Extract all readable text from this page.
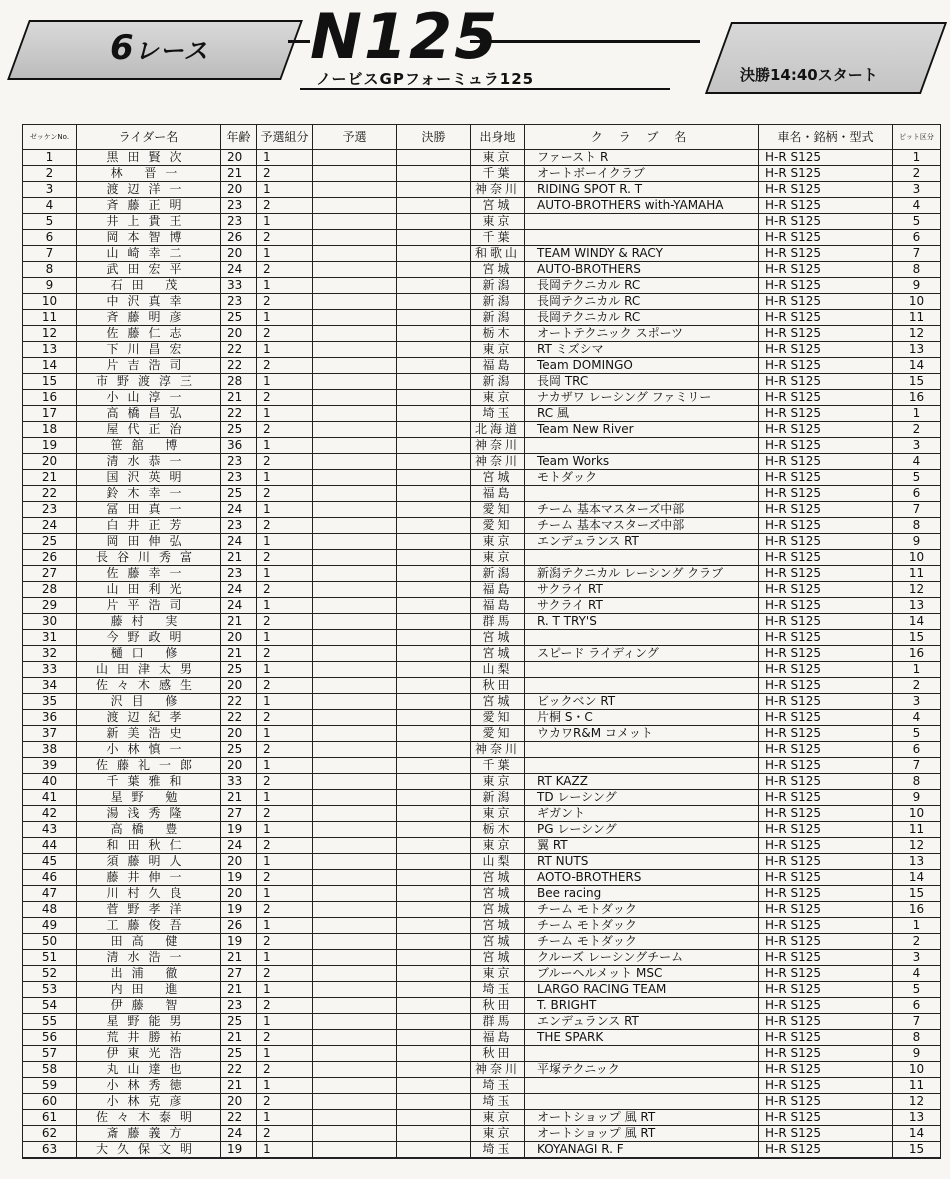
6レース N125
ノービスGPフォーミュラ125	決勝14:40スタート
ゼッケンNo.	ライダー名	年齢	予選組分	予選	決勝	出身地	ク ラ ブ 名	車名・銘柄・型式	ピット区分
1	黒田賢次	20	1			東京	ファースト R	H-R S125	1
2	林 晋一	21	2			千葉	オートボーイクラブ	H-R S125	2
3	渡辺洋一	20	1			神奈川	RIDING SPOT R. T	H-R S125	3
4	斉藤正明	23	2			宮城	AUTO-BROTHERS with-YAMAHA	H-R S125	4
5	井上貴王	23	1			東京		H-R S125	5
6	岡本智博	26	2			千葉		H-R S125	6
7	山崎幸二	20	1			和歌山	TEAM WINDY & RACY	H-R S125	7
8	武田宏平	24	2			宮城	AUTO-BROTHERS	H-R S125	8
9	石田 茂	33	1			新潟	長岡テクニカル RC	H-R S125	9
10	中沢真幸	23	2			新潟	長岡テクニカル RC	H-R S125	10
11	斉藤明彦	25	1			新潟	長岡テクニカル RC	H-R S125	11
12	佐藤仁志	20	2			栃木	オートテクニック スポーツ	H-R S125	12
13	下川昌宏	22	1			東京	RT ミズシマ	H-R S125	13
14	片吉浩司	22	2			福島	Team DOMINGO	H-R S125	14
15	市野渡淳三	28	1			新潟	長岡 TRC	H-R S125	15
16	小山淳一	21	2			東京	ナカザワ レーシング ファミリー	H-R S125	16
17	高橋昌弘	22	1			埼玉	RC 風	H-R S125	1
18	屋代正治	25	2			北海道	Team New River	H-R S125	2
19	笹舘 博	36	1			神奈川		H-R S125	3
20	清水恭一	23	2			神奈川	Team Works	H-R S125	4
21	国沢英明	23	1			宮城	モトダック	H-R S125	5
22	鈴木幸一	25	2			福島		H-R S125	6
23	冨田真一	24	1			愛知	チーム 基本マスターズ中部	H-R S125	7
24	白井正芳	23	2			愛知	チーム 基本マスターズ中部	H-R S125	8
25	岡田伸弘	24	1			東京	エンデュランス RT	H-R S125	9
26	長谷川秀富	21	2			東京		H-R S125	10
27	佐藤幸一	23	1			新潟	新潟テクニカル レーシング クラブ	H-R S125	11
28	山田利光	24	2			福島	サクライ RT	H-R S125	12
29	片平浩司	24	1			福島	サクライ RT	H-R S125	13
30	藤村 実	21	2			群馬	R. T TRY'S	H-R S125	14
31	今野政明	20	1			宮城		H-R S125	15
32	樋口 修	21	2			宮城	スピード ライディング	H-R S125	16
33	山田津太男	25	1			山梨		H-R S125	1
34	佐々木感生	20	2			秋田		H-R S125	2
35	沢目 修	22	1			宮城	ビックベン RT	H-R S125	3
36	渡辺紀孝	22	2			愛知	片桐 S・C	H-R S125	4
37	新美浩史	20	1			愛知	ウカワR&M コメット	H-R S125	5
38	小林慎一	25	2			神奈川		H-R S125	6
39	佐藤礼一郎	20	1			千葉		H-R S125	7
40	千葉雅和	33	2			東京	RT KAZZ	H-R S125	8
41	星野 勉	21	1			新潟	TD レーシング	H-R S125	9
42	湯浅秀隆	27	2			東京	ギガント	H-R S125	10
43	高橋 豊	19	1			栃木	PG レーシング	H-R S125	11
44	和田秋仁	24	2			東京	翼 RT	H-R S125	12
45	須藤明人	20	1			山梨	RT NUTS	H-R S125	13
46	藤井伸一	19	2			宮城	AOTO-BROTHERS	H-R S125	14
47	川村久良	20	1			宮城	Bee racing	H-R S125	15
48	菅野孝洋	19	2			宮城	チーム モトダック	H-R S125	16
49	工藤俊吾	26	1			宮城	チーム モトダック	H-R S125	1
50	田高 健	19	2			宮城	チーム モトダック	H-R S125	2
51	清水浩一	21	1			宮城	クルーズ レーシングチーム	H-R S125	3
52	出浦 徹	27	2			東京	ブルーヘルメット MSC	H-R S125	4
53	内田 進	21	1			埼玉	LARGO RACING TEAM	H-R S125	5
54	伊藤 智	23	2			秋田	T. BRIGHT	H-R S125	6
55	星野能男	25	1			群馬	エンデュランス RT	H-R S125	7
56	荒井勝祐	21	2			福島	THE SPARK	H-R S125	8
57	伊東光浩	25	1			秋田		H-R S125	9
58	丸山達也	22	2			神奈川	平塚テクニック	H-R S125	10
59	小林秀徳	21	1			埼玉		H-R S125	11
60	小林克彦	20	2			埼玉		H-R S125	12
61	佐々木泰明	22	1			東京	オートショップ 風 RT	H-R S125	13
62	斎藤義方	24	2			東京	オートショップ 風 RT	H-R S125	14
63	大久保文明	19	1			埼玉	KOYANAGI R. F	H-R S125	15
